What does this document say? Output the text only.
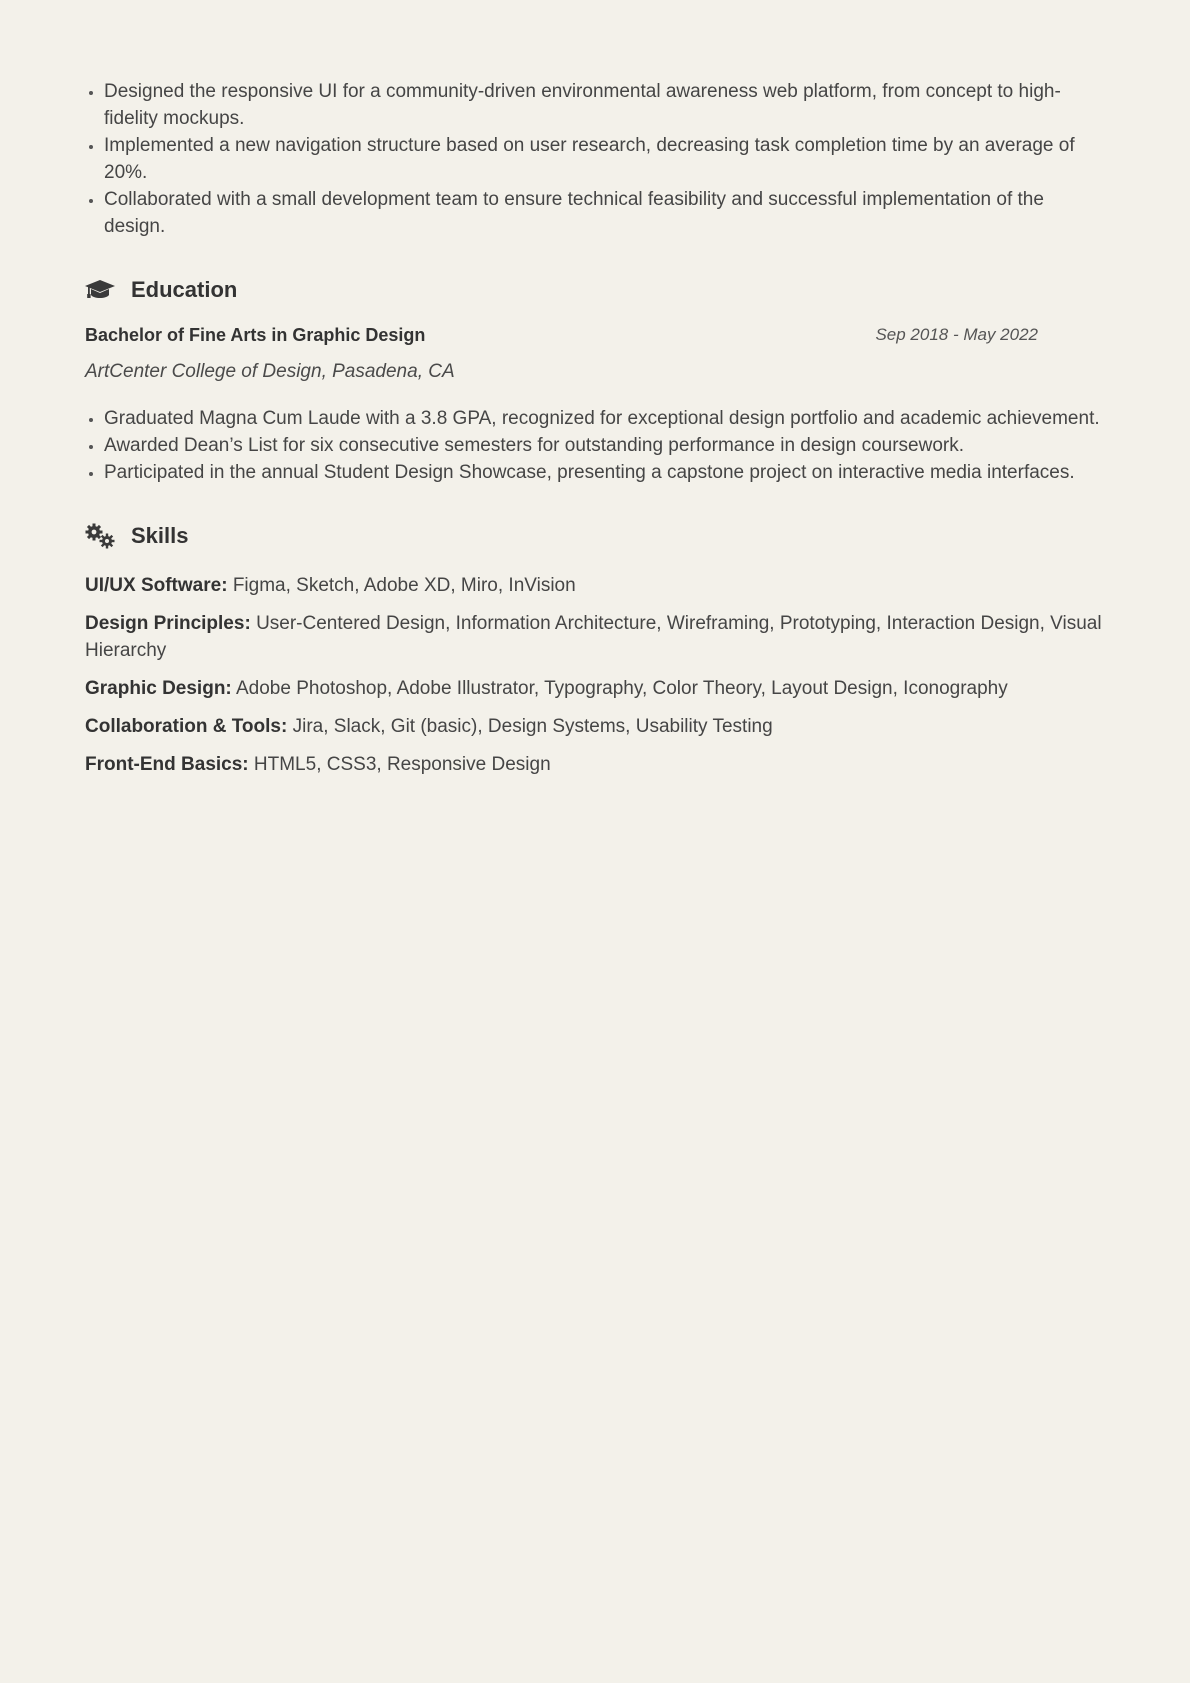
Designed the responsive UI for a community-driven environmental awareness web platform, from concept to high-fidelity mockups.
Implemented a new navigation structure based on user research, decreasing task completion time by an average of 20%.
Collaborated with a small development team to ensure technical feasibility and successful implementation of the design.
Education
Bachelor of Fine Arts in Graphic Design	Sep 2018 - May 2022
ArtCenter College of Design, Pasadena, CA
Graduated Magna Cum Laude with a 3.8 GPA, recognized for exceptional design portfolio and academic achievement.
Awarded Dean’s List for six consecutive semesters for outstanding performance in design coursework.
Participated in the annual Student Design Showcase, presenting a capstone project on interactive media interfaces.
Skills

UI/UX Software: Figma, Sketch, Adobe XD, Miro, InVision

Design Principles: User-Centered Design, Information Architecture, Wireframing, Prototyping, Interaction Design, Visual Hierarchy

Graphic Design: Adobe Photoshop, Adobe Illustrator, Typography, Color Theory, Layout Design, Iconography

Collaboration & Tools: Jira, Slack, Git (basic), Design Systems, Usability Testing

Front-End Basics: HTML5, CSS3, Responsive Design
